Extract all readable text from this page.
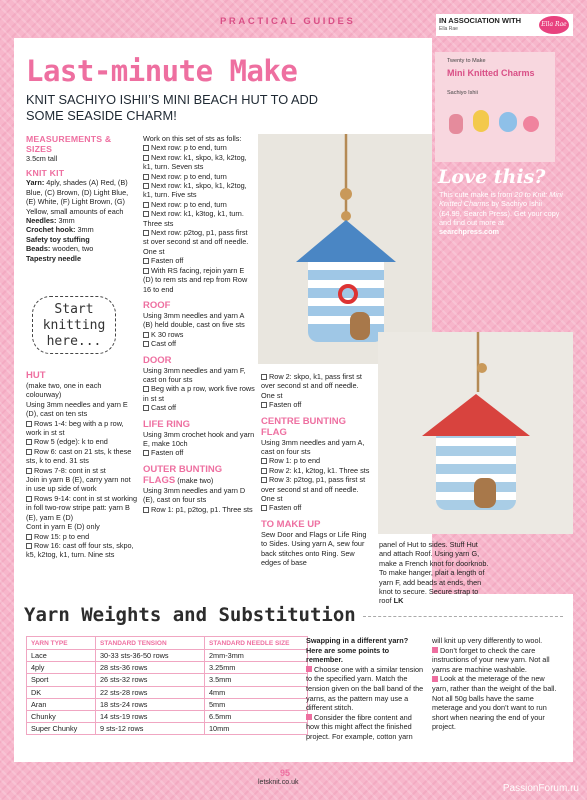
PRACTICAL GUIDES	IN ASSOCIATION WITH
Ella Rae
Ella Rae
Last-minute Make
KNIT SACHIYO ISHII’S MINI BEACH HUT TO ADD SOME SEASIDE CHARM!
MEASUREMENTS & SIZES

3.5cm tall

KNIT KIT

Yarn: 4ply, shades (A) Red, (B) Blue, (C) Brown, (D) Light Blue, (E) White, (F) Light Brown, (G) Yellow, small amounts of each

Needles: 3mm

Crochet hook: 3mm

Safety toy stuffing

Beads: wooden, two

Tapestry needle

Start knitting here...
HUT

(make two, one in each colourway)

Using 3mm needles and yarn E (D), cast on ten sts

Rows 1-4: beg with a p row, work in st st

Row 5 (edge): k to end

Row 6: cast on 21 sts, k these sts, k to end. 31 sts

Rows 7-8: cont in st st

Join in yarn B (E), carry yarn not in use up side of work

Rows 9-14: cont in st st working in foll two-row stripe patt: yarn B (E), yarn E (D)

Cont in yarn E (D) only

Row 15: p to end

Row 16: cast off four sts, skpo, k5, k2tog, k1, turn. Nine sts

Work on this set of sts as folls:

Next row: p to end, turn

Next row: k1, skpo, k3, k2tog, k1, turn. Seven sts

Next row: p to end, turn

Next row: k1, skpo, k1, k2tog, k1, turn. Five sts

Next row: p to end, turn

Next row: k1, k3tog, k1, turn. Three sts

Next row: p2tog, p1, pass first st over second st and off needle. One st

Fasten off

With RS facing, rejoin yarn E (D) to rem sts and rep from Row 16 to end

ROOF

Using 3mm needles and yarn A (B) held double, cast on five sts

K 30 rows

Cast off

DOOR

Using 3mm needles and yarn F, cast on four sts

Beg with a p row, work five rows in st st

Cast off

LIFE RING

Using 3mm crochet hook and yarn E, make 10ch

Fasten off

OUTER BUNTING FLAGS (make two)

Using 3mm needles and yarn D (E), cast on four sts

Row 1: p1, p2tog, p1. Three sts

Row 2: skpo, k1, pass first st over second st and off needle. One st

Fasten off

CENTRE BUNTING FLAG

Using 3mm needles and yarn A, cast on four sts

Row 1: p to end

Row 2: k1, k2tog, k1. Three sts

Row 3: p2tog, p1, pass first st over second st and off needle. One st

Fasten off

TO MAKE UP

Sew Door and Flags or Life Ring to Sides. Using yarn A, sew four back stitches onto Ring. Sew edges of base

panel of Hut to sides. Stuff Hut and attach Roof. Using yarn G, make a French knot for doorknob. To make hanger, plait a length of yarn F, add beads at ends, then knot to secure. Secure strap to roof LK

Twenty to Make
Mini Knitted Charms
Sachiyo Ishii
Love this?
This cute make is from 20 to Knit: Mini Knitted Charms by Sachiyo Ishii (£4.99, Search Press). Get your copy and find out more at searchpress.com
Yarn Weights and Substitution
YARN TYPE	STANDARD TENSION	STANDARD NEEDLE SIZE
Lace	30-33 sts-36-50 rows	2mm-3mm
4ply	28 sts-36 rows	3.25mm
Sport	26 sts-32 rows	3.5mm
DK	22 sts-28 rows	4mm
Aran	18 sts-24 rows	5mm
Chunky	14 sts-19 rows	6.5mm
Super Chunky	9 sts-12 rows	10mm

Swapping in a different yarn? Here are some points to remember.

Choose one with a similar tension to the specified yarn. Match the tension given on the ball band of the yarns, as the pattern may use a different stitch.

Consider the fibre content and how this might affect the finished project. For example, cotton yarn

will knit up very differently to wool.

Don’t forget to check the care instructions of your new yarn. Not all yarns are machine washable.

Look at the meterage of the new yarn, rather than the weight of the ball. Not all 50g balls have the same meterage and you don’t want to run short when nearing the end of your project.

95
letsknit.co.uk
PassionForum.ru
